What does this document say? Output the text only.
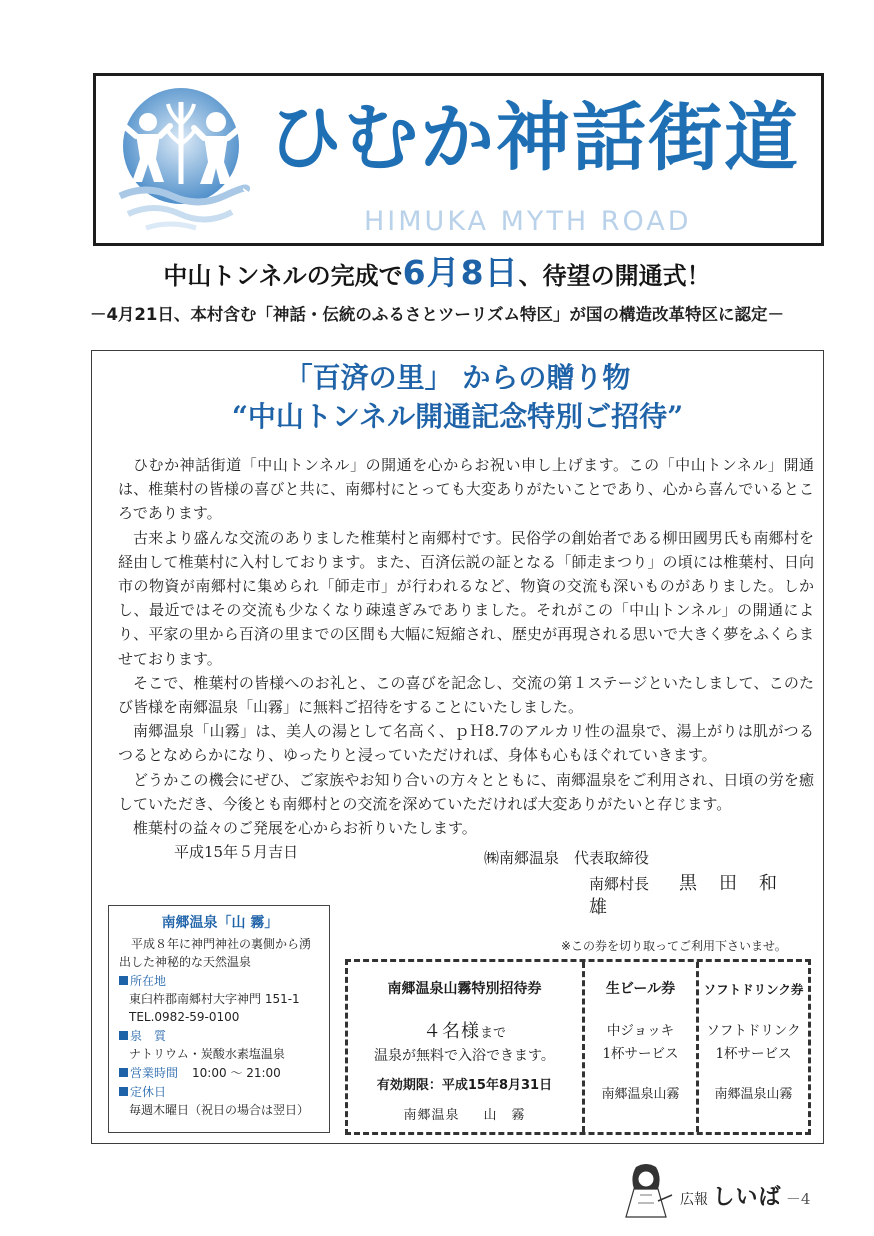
ひむか神話街道
HIMUKA MYTH ROAD
中山トンネルの完成で6月8日、待望の開通式！
－4月21日、本村含む「神話・伝統のふるさとツーリズム特区」が国の構造改革特区に認定－
「百済の里」 からの贈り物
“中山トンネル開通記念特別ご招待”

ひむか神話街道「中山トンネル」の開通を心からお祝い申し上げます。この「中山トンネル」開通は、椎葉村の皆様の喜びと共に、南郷村にとっても大変ありがたいことであり、心から喜んでいるところであります。

古来より盛んな交流のありました椎葉村と南郷村です。民俗学の創始者である柳田國男氏も南郷村を経由して椎葉村に入村しております。また、百済伝説の証となる「師走まつり」の頃には椎葉村、日向市の物資が南郷村に集められ「師走市」が行われるなど、物資の交流も深いものがありました。しかし、最近ではその交流も少なくなり疎遠ぎみでありました。それがこの「中山トンネル」の開通により、平家の里から百済の里までの区間も大幅に短縮され、歴史が再現される思いで大きく夢をふくらませております。

そこで、椎葉村の皆様へのお礼と、この喜びを記念し、交流の第１ステージといたしまして、このたび皆様を南郷温泉「山霧」に無料ご招待をすることにいたしました。

南郷温泉「山霧」は、美人の湯として名高く、ｐＨ8.7のアルカリ性の温泉で、湯上がりは肌がつるつるとなめらかになり、ゆったりと浸っていただければ、身体も心もほぐれていきます。

どうかこの機会にぜひ、ご家族やお知り合いの方々とともに、南郷温泉をご利用され、日頃の労を癒していただき、今後とも南郷村との交流を深めていただければ大変ありがたいと存じます。

椎葉村の益々のご発展を心からお祈りいたします。

平成15年５月吉日	㈱南郷温泉　代表取締役
南郷村長 黒田和雄
南郷温泉「山 霧」
平成８年に神門神社の裏側から湧出した神秘的な天然温泉
所在地
東臼杵郡南郷村大字神門 151-1
TEL.0982-59-0100
泉　質
ナトリウム・炭酸水素塩温泉
営業時間 10:00 ～ 21:00
定休日
毎週木曜日（祝日の場合は翌日）
※この券を切り取ってご利用下さいませ。
南郷温泉山霧特別招待券
４名様まで
温泉が無料で入浴できます。
有効期限：平成15年8月31日
南郷温泉 山　霧
生ビール券
中ジョッキ
1杯サービス
南郷温泉山霧
ソフトドリンク券
ソフトドリンク
1杯サービス
南郷温泉山霧
広報 しいば －4
